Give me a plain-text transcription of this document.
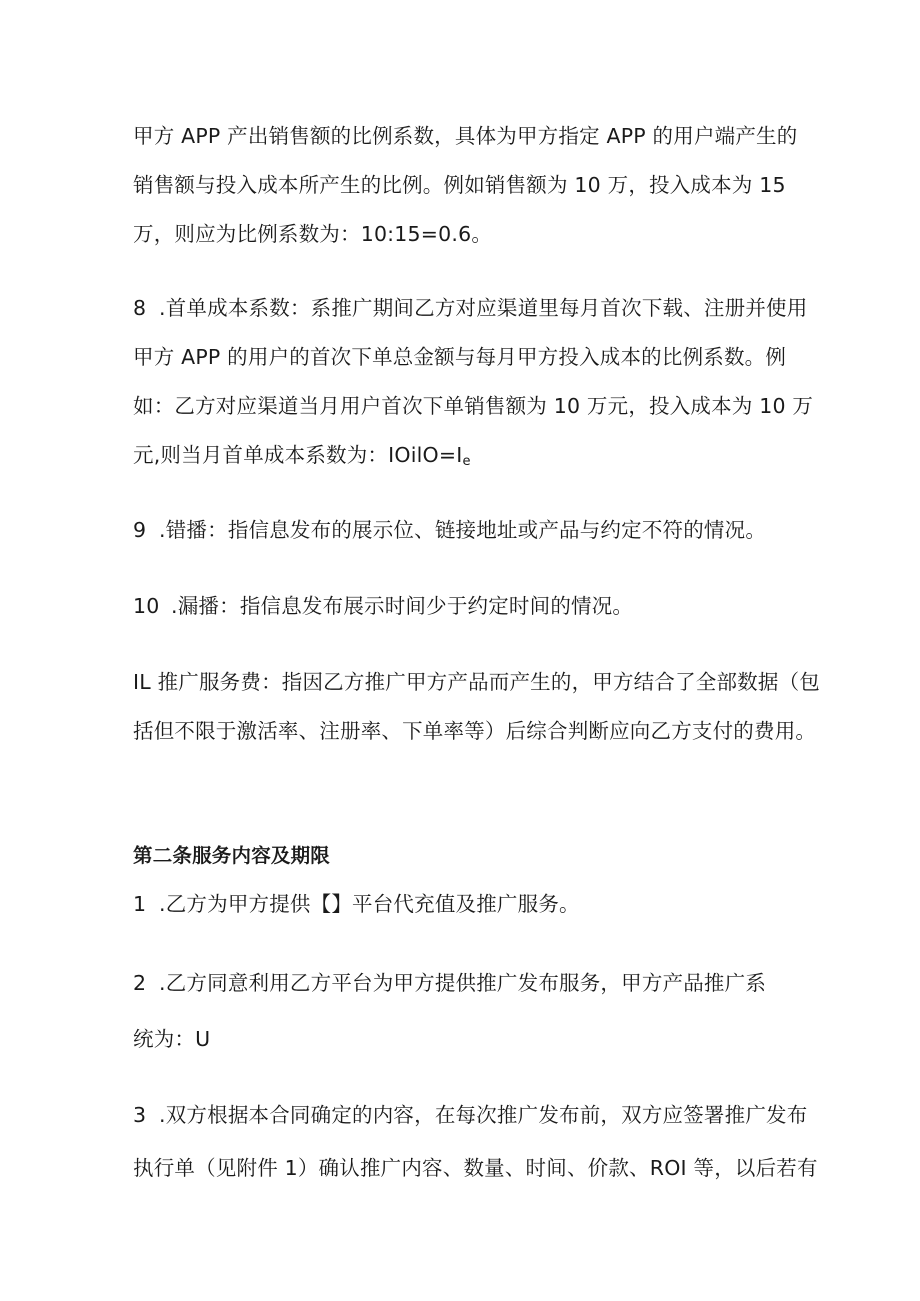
甲方 APP 产出销售额的比例系数，具体为甲方指定 APP 的用户端产生的
销售额与投入成本所产生的比例。例如销售额为 10 万，投入成本为 15
万，则应为比例系数为：10:15=0.6。
8 .首单成本系数：系推广期间乙方对应渠道里每月首次下载、注册并使用
甲方 APP 的用户的首次下单总金额与每月甲方投入成本的比例系数。例
如：乙方对应渠道当月用户首次下单销售额为 10 万元，投入成本为 10 万
元,则当月首单成本系数为：IOilO=Ie
9 .错播：指信息发布的展示位、链接地址或产品与约定不符的情况。
10 .漏播：指信息发布展示时间少于约定时间的情况。
IL 推广服务费：指因乙方推广甲方产品而产生的，甲方结合了全部数据（包
括但不限于激活率、注册率、下单率等）后综合判断应向乙方支付的费用。
第二条服务内容及期限
1 .乙方为甲方提供【】平台代充值及推广服务。
2 .乙方同意利用乙方平台为甲方提供推广发布服务，甲方产品推广系
统为：U
3 .双方根据本合同确定的内容，在每次推广发布前，双方应签署推广发布
执行单（见附件 1）确认推广内容、数量、时间、价款、ROI 等，以后若有
